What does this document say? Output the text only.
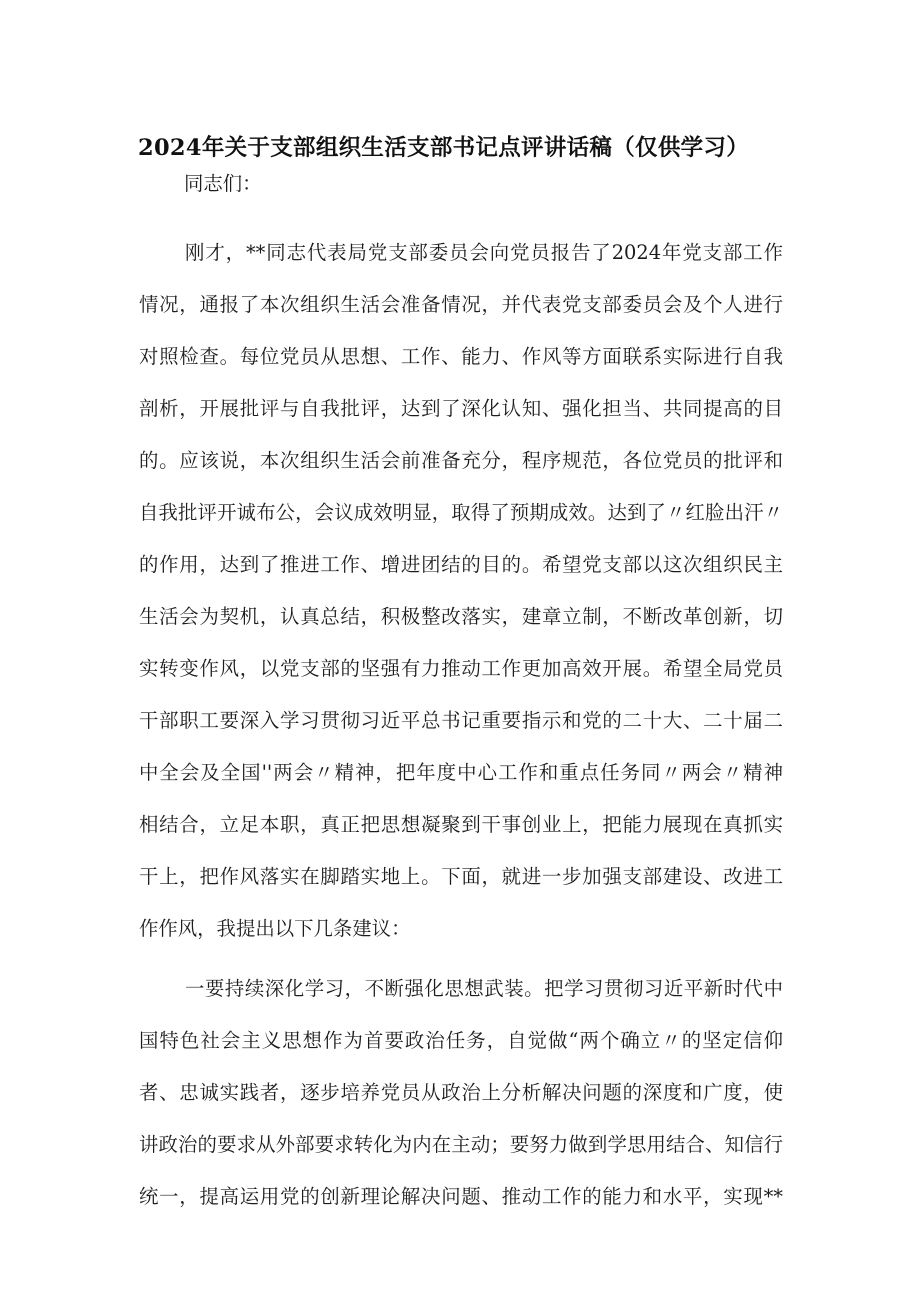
2024年关于支部组织生活支部书记点评讲话稿（仅供学习）
同志们：
刚才，**同志代表局党支部委员会向党员报告了2024年党支部工作
情况，通报了本次组织生活会准备情况，并代表党支部委员会及个人进行
对照检查。每位党员从思想、工作、能力、作风等方面联系实际进行自我
剖析，开展批评与自我批评，达到了深化认知、强化担当、共同提高的目
的。应该说，本次组织生活会前准备充分，程序规范，各位党员的批评和
自我批评开诚布公，会议成效明显，取得了预期成效。达到了〃红脸出汗〃
的作用，达到了推进工作、增进团结的目的。希望党支部以这次组织民主
生活会为契机，认真总结，积极整改落实，建章立制，不断改革创新，切
实转变作风，以党支部的坚强有力推动工作更加高效开展。希望全局党员
干部职工要深入学习贯彻习近平总书记重要指示和党的二十大、二十届二
中全会及全国''两会〃精神，把年度中心工作和重点任务同〃两会〃精神
相结合，立足本职，真正把思想凝聚到干事创业上，把能力展现在真抓实
干上，把作风落实在脚踏实地上。下面，就进一步加强支部建设、改进工
作作风，我提出以下几条建议：
一要持续深化学习，不断强化思想武装。把学习贯彻习近平新时代中
国特色社会主义思想作为首要政治任务，自觉做“两个确立〃的坚定信仰
者、忠诚实践者，逐步培养党员从政治上分析解决问题的深度和广度，使
讲政治的要求从外部要求转化为内在主动；要努力做到学思用结合、知信行
统一，提高运用党的创新理论解决问题、推动工作的能力和水平，实现**
